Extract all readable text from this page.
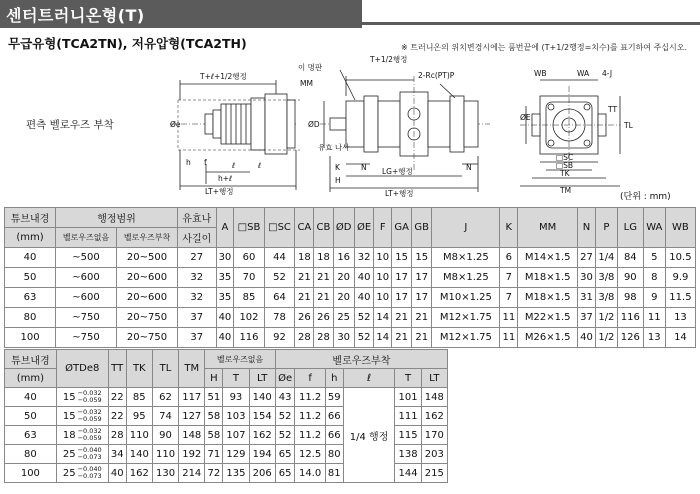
센터트러니온형(T)
무급유형(TCA2TN), 저유압형(TCA2TH)	※ 트러니온의 위치변경시에는 품번끝에 (T+1/2행정=치수)를 표기하여 주십시오.
편측 벨로우즈 부착
(단위 : mm)
T+ℓ+1/2행정
Øe
h f	ℓ	ℓ
h+ℓ
LT+행정
T+1/2행정
이 명판
MM
2-Rc(PT)P
ØD
유효 나사
K	N	N
H
LG+행정
LT+행정
WB	WA 4-J
ØE
TT
TL
□SC
□SB
TK
TM
튜브내경	행정범위		유효나	A	□SB	□SC	CA	CB	ØD	ØE	F	GA	GB	J	K	MM	N	P	LG	WA	WB
(mm)	벨로우즈없음	벨로우즈부착	사길이																		
40	~500	20~500	27	30	60	44	18	18	16	32	10	15	15	M8×1.25	6	M14×1.5	27	1/4	84	5	10.5
50	~600	20~600	32	35	70	52	21	21	20	40	10	17	17	M8×1.25	7	M18×1.5	30	3/8	90	8	9.9
63	~600	20~600	32	35	85	64	21	21	20	40	10	17	17	M10×1.25	7	M18×1.5	31	3/8	98	9	11.5
80	~750	20~750	37	40	102	78	26	26	25	52	14	21	21	M12×1.75	11	M22×1.5	37	1/2	116	11	13
100	~750	20~750	37	40	116	92	28	28	30	52	14	21	21	M12×1.75	11	M26×1.5	40	1/2	126	13	14
튜브내경	ØTDe8	TT	TK	TL	TM	벨로우즈없음			벨로우즈부착					
(mm)						H	T	LT	Øe	f	h	ℓ	T	LT
40	15 −0.032
−0.059	22	85	62	117	51	93	140	43	11.2	59	1/4 행정	101	148
50	15 −0.032
−0.059	22	95	74	127	58	103	154	52	11.2	66		111	162
63	18 −0.032
−0.059	28	110	90	148	58	107	162	52	11.2	66		115	170
80	25 −0.040
−0.073	34	140	110	192	71	129	194	65	12.5	80		138	203
100	25 −0.040
−0.073	40	162	130	214	72	135	206	65	14.0	81		144	215
